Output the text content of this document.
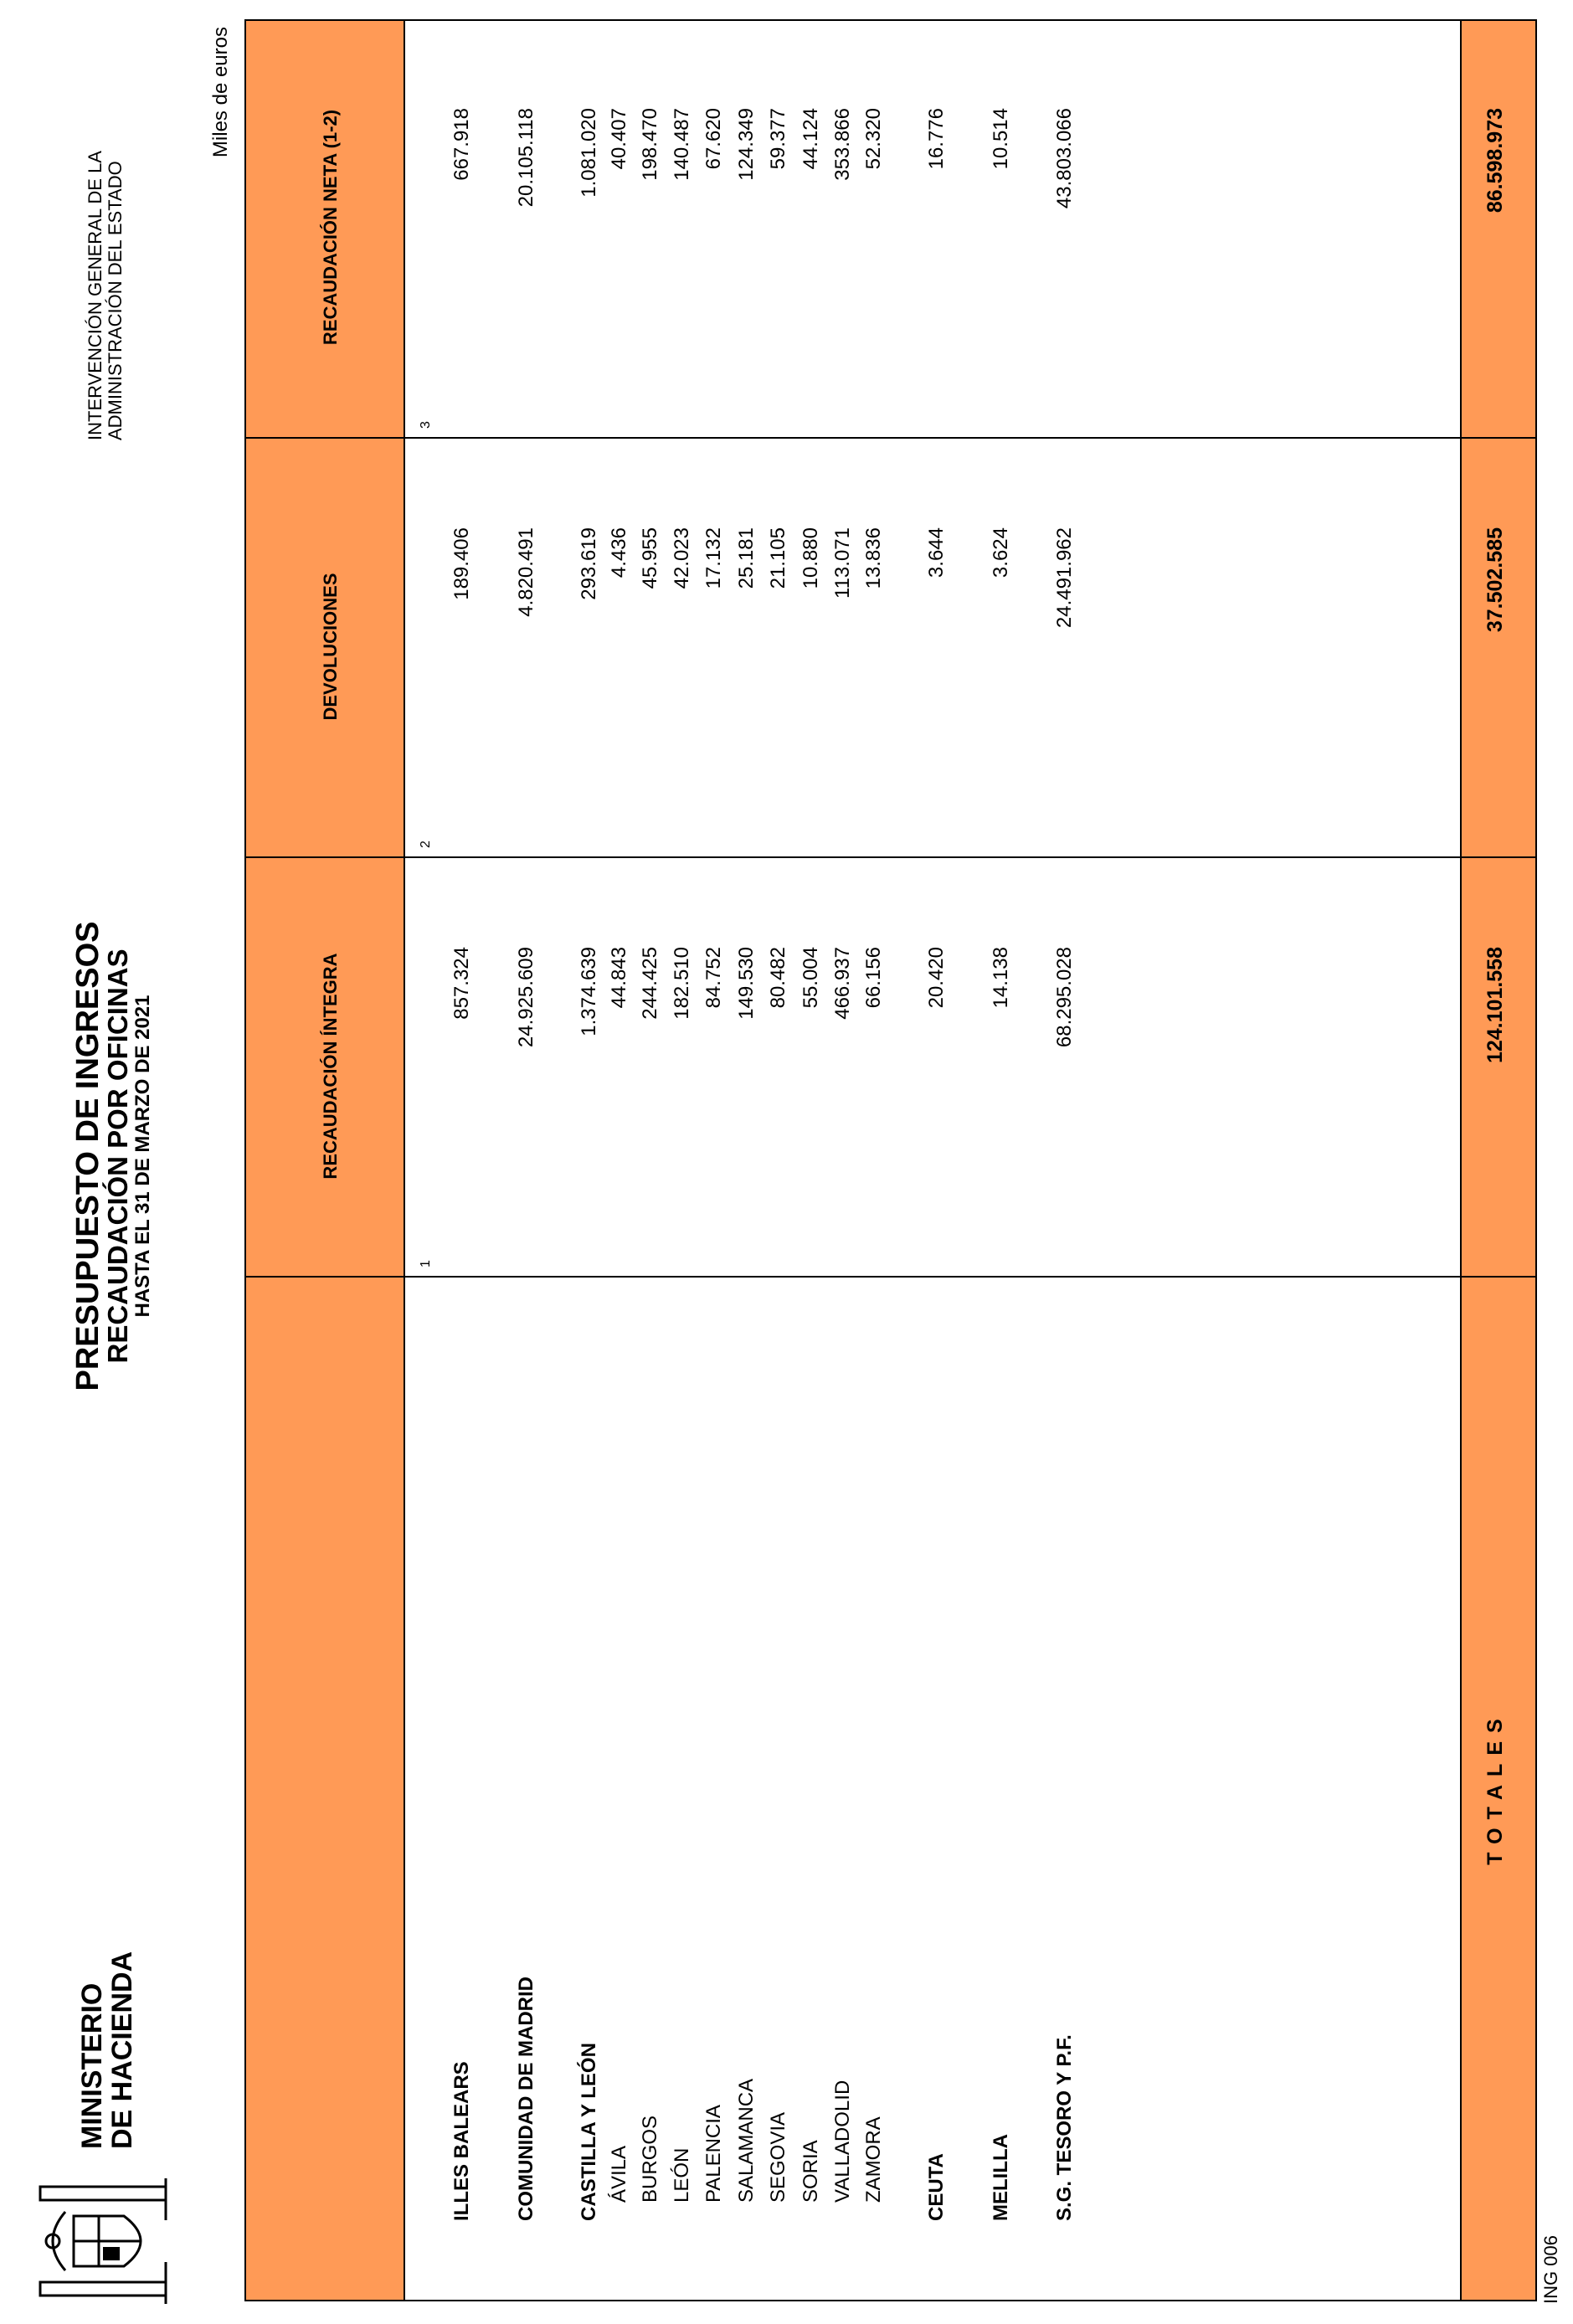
MINISTERIO
DE HACIENDA
PRESUPUESTO DE INGRESOS
RECAUDACIÓN POR OFICINAS
HASTA EL 31 DE MARZO DE 2021
INTERVENCIÓN GENERAL DE LA ADMINISTRACIÓN DEL ESTADO
Miles de euros
ING 006
TOTALES
124.101.558
37.502.585
86.598.973
RECAUDACIÓN ÍNTEGRA
1
DEVOLUCIONES
2
RECAUDACIÓN NETA (1-2)
3
ILLES BALEARS
857.324
189.406
667.918
COMUNIDAD DE MADRID
24.925.609
4.820.491
20.105.118
CASTILLA Y LEÓN
1.374.639
293.619
1.081.020
ÁVILA
44.843
4.436
40.407
BURGOS
244.425
45.955
198.470
LEÓN
182.510
42.023
140.487
PALENCIA
84.752
17.132
67.620
SALAMANCA
149.530
25.181
124.349
SEGOVIA
80.482
21.105
59.377
SORIA
55.004
10.880
44.124
VALLADOLID
466.937
113.071
353.866
ZAMORA
66.156
13.836
52.320
CEUTA
20.420
3.644
16.776
MELILLA
14.138
3.624
10.514
S.G. TESORO Y P.F.
68.295.028
24.491.962
43.803.066
